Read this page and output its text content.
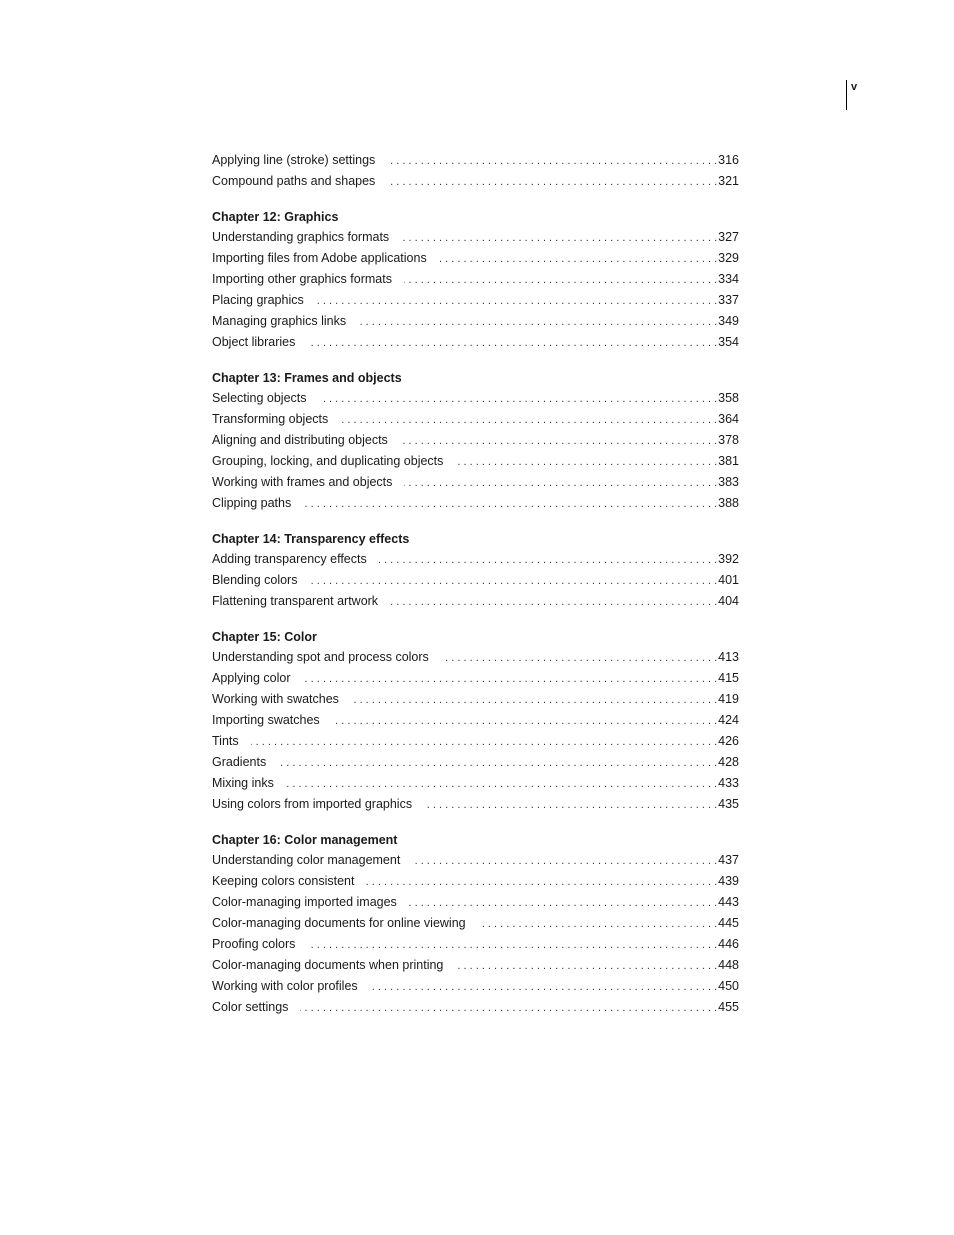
v
Applying line (stroke) settings . . .	316
Compound paths and shapes . . .	321
Chapter 12: Graphics
Understanding graphics formats . . .	327
Importing files from Adobe applications . . .	329
Importing other graphics formats . . .	334
Placing graphics . . .	337
Managing graphics links . . .	349
Object libraries . . .	354
Chapter 13: Frames and objects
Selecting objects . . .	358
Transforming objects . . .	364
Aligning and distributing objects . . .	378
Grouping, locking, and duplicating objects . . .	381
Working with frames and objects . . .	383
Clipping paths . . .	388
Chapter 14: Transparency effects
Adding transparency effects . . .	392
Blending colors . . .	401
Flattening transparent artwork . . .	404
Chapter 15: Color
Understanding spot and process colors . . .	413
Applying color . . .	415
Working with swatches . . .	419
Importing swatches . . .	424
Tints . . .	426
Gradients . . .	428
Mixing inks . . .	433
Using colors from imported graphics . . .	435
Chapter 16: Color management
Understanding color management . . .	437
Keeping colors consistent . . .	439
Color-managing imported images . . .	443
Color-managing documents for online viewing . . .	445
Proofing colors . . .	446
Color-managing documents when printing . . .	448
Working with color profiles . . .	450
Color settings . . .	455
